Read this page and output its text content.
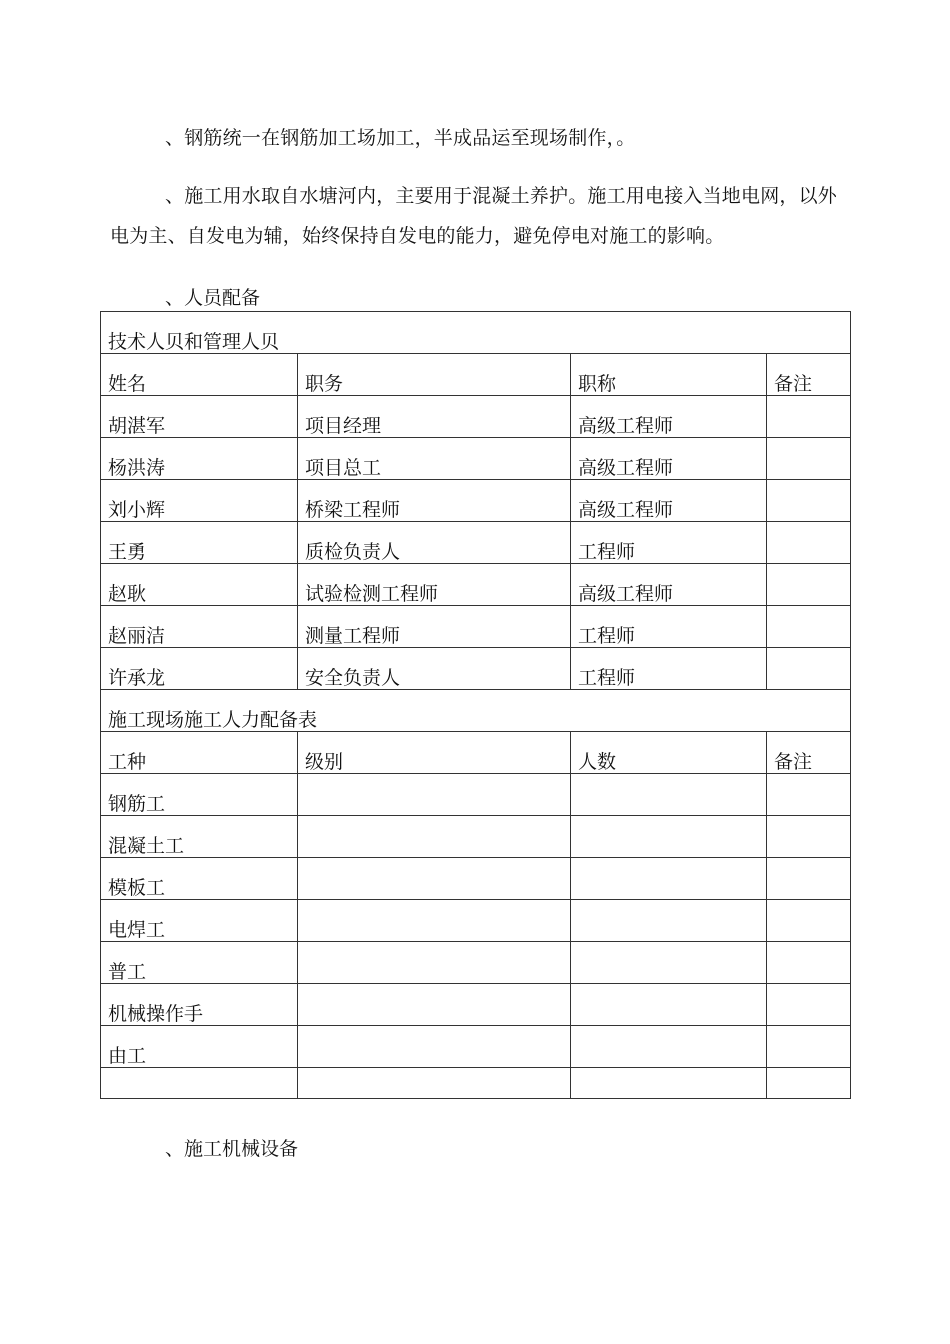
、钢筋统一在钢筋加工场加工，半成品运至现场制作，。
、施工用水取自水塘河内，主要用于混凝土养护。施工用电接入当地电网，以外电为主、自发电为辅，始终保持自发电的能力，避免停电对施工的影响。
、人员配备
技术人贝和管理人贝			
姓名	职务	职称	备注
胡湛军	项目经理	高级工程师	
杨洪涛	项目总工	高级工程师	
刘小辉	桥梁工程师	高级工程师	
王勇	质检负责人	工程师	
赵耿	试验检测工程师	高级工程师	
赵丽洁	测量工程师	工程师	
许承龙	安全负责人	工程师	
施工现场施工人力配备表			
工种	级别	人数	备注
钢筋工			
混凝土工			
模板工			
电焊工			
普工			
机械操作手			
由工			

、施工机械设备
